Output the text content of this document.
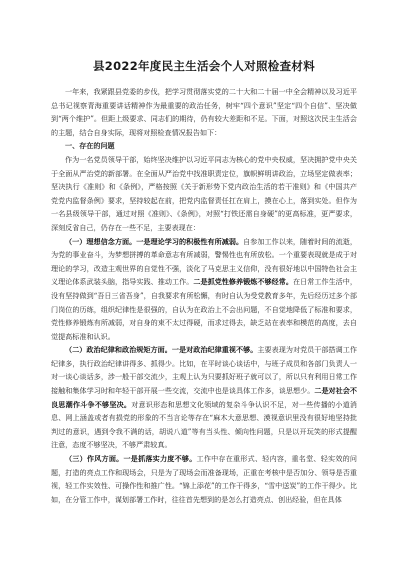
县2022年度民主生活会个人对照检查材料

一年来，我紧跟县党委的步伐，把学习贯彻落实党的二十大和二十届一中全会精神以及习近平总书记视察青海重要讲话精神作为最重要的政治任务，树牢“四个意识”坚定“四个自信”、坚决做到“两个维护”。但距上级要求、同志们的期待，仍有较大差距和不足。下面，对照这次民主生活会的主题，结合自身实际，现将对照检查情况报告如下：

一、存在的问题

作为一名党员领导干部，始终坚决维护以习近平同志为核心的党中央权威，坚决拥护党中央关于全面从严治党的新部署。在全面从严治党中找准职责定位，旗帜鲜明讲政治，立场坚定做表率；坚决执行《准则》和《条例》，严格按照《关于新形势下党内政治生活的若干准则》和《中国共产党党内监督条例》要求，坚持较起在前，把党内监督责任扛在肩上，摸在心上，落到实处。但作为一名县级领导干部，通过对照《准则》、《条例》，对照“打铁还需自身硬”的更高标准，更严要求，深刻反省自己，仍存在一些不足，主要表现在：

（一）理想信念方面。一是理论学习的积极性有所减弱。自参加工作以来，随着时间的流逝，为党的事业奋斗，为梦想拼搏的革命意志有所减弱，警惕性也有所放松。一个重要表现就是成于对理论的学习，改造主观世界的自觉性不强，淡化了马克思主义信仰，没有很好地以中国特色社会主义理论体系武装头脑，指导实践、推动工作。二是抓党性修养锻炼不够经常。在日常工作生活中，没有坚持做到“吾日三省吾身”，自我要求有所松懈，有时自认为受党教育多年，先后经历过多个部门岗位的历练，组织纪律性是很强的，自认为在政治上不会出问题，不自觉地降低了标准和要求，党性修养锻炼有所减弱，对自身的束不太过得硬，而求过得去，缺乏站在表率和模范的高度，去自觉提高标准和认识。

（二）政治纪律和政治规矩方面。一是对政治纪律重视不够。主要表现为对党员干部搭调工作纪律多，执行政治纪律讲得多、抓得少。比如，在平时谈心谈话中，与班子成员和各部门负责人一对一谈心谈话多，涉一般干部交流少，主观上认为只要抓好班子就可以了，所以只有利用日常工作接触和集体学习时和年轻干部开展一些交流，交流中也是谈具体工作多，谈思想少。二是对社会不良思潮作斗争不够坚决。对意识形态和思想文化领域的复杂斗争认识不足，对一些传播的小道消息、网上涵盖或者有损党的形象的不当言论等存在“麻木大意思想、漠视意识里没有很好地坚持批判过的意识，遇到令我不满的话，胡说八道”等有当头性、倾向性问题，只是以开玩笑的形式提醒注意，态度不够坚决，不够严肃较真。

（三）作风方面。一是抓落实力度不够。工作中存在重形式、轻内容，重名堂、轻实效的问题，打造的亮点工作和现场会，只是为了现场会而准备现场，正重在考核中是否加分、领导是否重视，轻工作实效性、可操作性和推广性。“锦上添花”的工作干得多，“雪中送炭”的工作干得少。比如，在分管工作中，谋划部署工作时，往往首先想到的是怎么打造亮点、创出经验，但在具体
